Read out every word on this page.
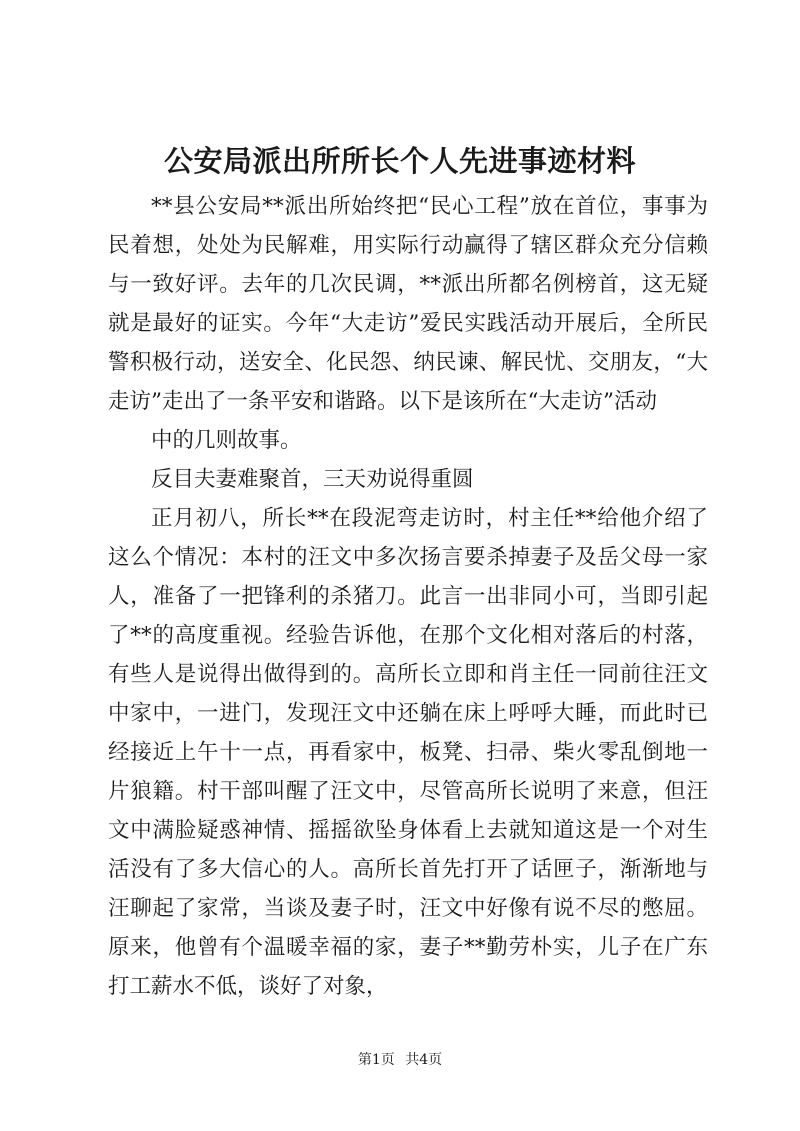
公安局派出所所长个人先进事迹材料

**县公安局**派出所始终把“民心工程”放在首位，事事为民着想，处处为民解难，用实际行动赢得了辖区群众充分信赖与一致好评。去年的几次民调，**派出所都名例榜首，这无疑就是最好的证实。今年“大走访”爱民实践活动开展后，全所民警积极行动，送安全、化民怨、纳民谏、解民忧、交朋友，“大走访”走出了一条平安和谐路。以下是该所在“大走访”活动

中的几则故事。

反目夫妻难聚首，三天劝说得重圆

正月初八，所长**在段泥弯走访时，村主任**给他介绍了这么个情况：本村的汪文中多次扬言要杀掉妻子及岳父母一家人，准备了一把锋利的杀猪刀。此言一出非同小可，当即引起了**的高度重视。经验告诉他，在那个文化相对落后的村落，有些人是说得出做得到的。高所长立即和肖主任一同前往汪文中家中，一进门，发现汪文中还躺在床上呼呼大睡，而此时已经接近上午十一点，再看家中，板凳、扫帚、柴火零乱倒地一片狼籍。村干部叫醒了汪文中，尽管高所长说明了来意，但汪文中满脸疑惑神情、摇摇欲坠身体看上去就知道这是一个对生活没有了多大信心的人。高所长首先打开了话匣子，渐渐地与汪聊起了家常，当谈及妻子时，汪文中好像有说不尽的憋屈。原来，他曾有个温暖幸福的家，妻子**勤劳朴实，儿子在广东打工薪水不低，谈好了对象，

第1页 共4页
